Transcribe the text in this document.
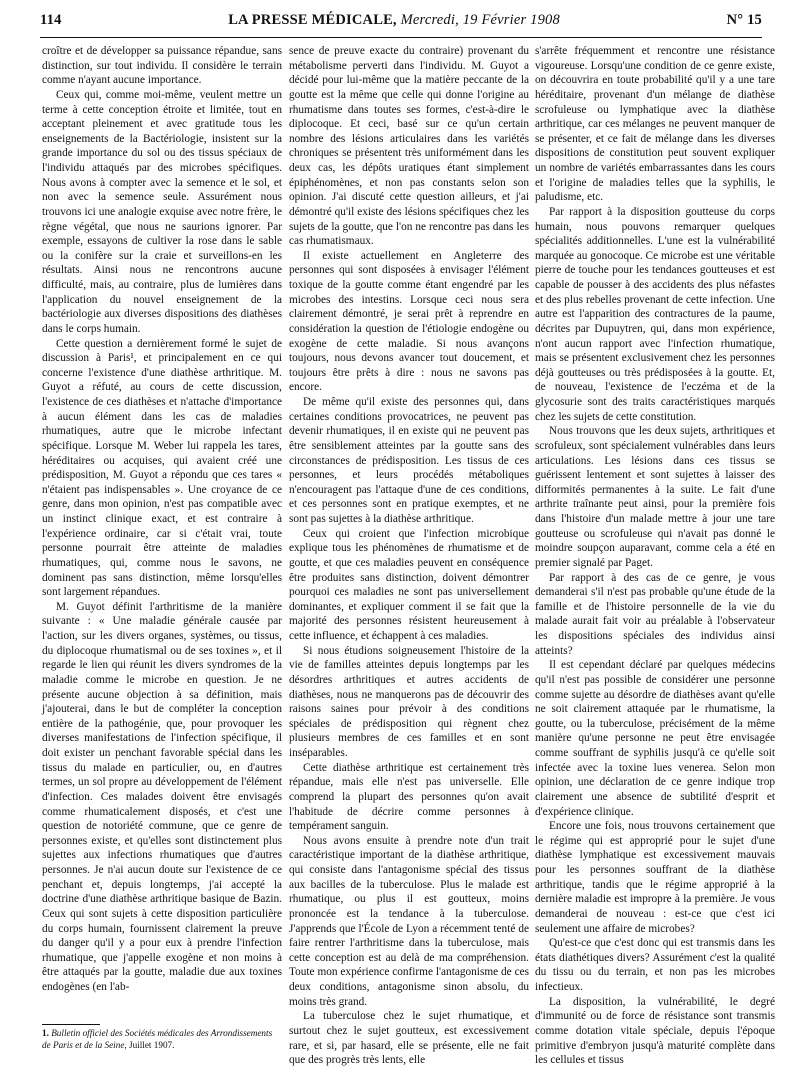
114	LA PRESSE MÉDICALE, Mercredi, 19 Février 1908	N° 15

croître et de développer sa puissance répandue, sans distinction, sur tout individu. Il considère le terrain comme n'ayant aucune importance.

Ceux qui, comme moi-même, veulent mettre un terme à cette conception étroite et limitée, tout en acceptant pleinement et avec gratitude tous les enseignements de la Bactériologie, insistent sur la grande importance du sol ou des tissus spéciaux de l'individu attaqués par des microbes spécifiques. Nous avons à compter avec la semence et le sol, et non avec la semence seule. Assurément nous trouvons ici une analogie exquise avec notre frère, le règne végétal, que nous ne saurions ignorer. Par exemple, essayons de cultiver la rose dans le sable ou la conifère sur la craie et surveillons-en les résultats. Ainsi nous ne rencontrons aucune difficulté, mais, au contraire, plus de lumières dans l'application du nouvel enseignement de la bactériologie aux diverses dispositions des diathèses dans le corps humain.

Cette question a dernièrement formé le sujet de discussion à Paris¹, et principalement en ce qui concerne l'existence d'une diathèse arthritique. M. Guyot a réfuté, au cours de cette discussion, l'existence de ces diathèses et n'attache d'importance à aucun élément dans les cas de maladies rhumatiques, autre que le microbe infectant spécifique. Lorsque M. Weber lui rappela les tares, héréditaires ou acquises, qui avaient créé une prédisposition, M. Guyot a répondu que ces tares « n'étaient pas indispensables ». Une croyance de ce genre, dans mon opinion, n'est pas compatible avec un instinct clinique exact, et est contraire à l'expérience ordinaire, car si c'était vrai, toute personne pourrait être atteinte de maladies rhumatiques, qui, comme nous le savons, ne dominent pas sans distinction, même lorsqu'elles sont largement répandues.

M. Guyot définit l'arthritisme de la manière suivante : « Une maladie générale causée par l'action, sur les divers organes, systèmes, ou tissus, du diplocoque rhumatismal ou de ses toxines », et il regarde le lien qui réunit les divers syndromes de la maladie comme le microbe en question. Je ne présente aucune objection à sa définition, mais j'ajouterai, dans le but de compléter la conception entière de la pathogénie, que, pour provoquer les diverses manifestations de l'infection spécifique, il doit exister un penchant favorable spécial dans les tissus du malade en particulier, ou, en d'autres termes, un sol propre au développement de l'élément d'infection. Ces malades doivent être envisagés comme rhumaticalement disposés, et c'est une question de notoriété commune, que ce genre de personnes existe, et qu'elles sont distinctement plus sujettes aux infections rhumatiques que d'autres personnes. Je n'ai aucun doute sur l'existence de ce penchant et, depuis longtemps, j'ai accepté la doctrine d'une diathèse arthritique basique de Bazin. Ceux qui sont sujets à cette disposition particulière du corps humain, fournissent clairement la preuve du danger qu'il y a pour eux à prendre l'infection rhumatique, que j'appelle exogène et non moins à être attaqués par la goutte, maladie due aux toxines endogènes (en l'ab-

sence de preuve exacte du contraire) provenant du métabolisme perverti dans l'individu. M. Guyot a décidé pour lui-même que la matière peccante de la goutte est la même que celle qui donne l'origine au rhumatisme dans toutes ses formes, c'est-à-dire le diplocoque. Et ceci, basé sur ce qu'un certain nombre des lésions articulaires dans les variétés chroniques se présentent très uniformément dans les deux cas, les dépôts uratiques étant simplement épiphénomènes, et non pas constants selon son opinion. J'ai discuté cette question ailleurs, et j'ai démontré qu'il existe des lésions spécifiques chez les sujets de la goutte, que l'on ne rencontre pas dans les cas rhumatismaux.

Il existe actuellement en Angleterre des personnes qui sont disposées à envisager l'élément toxique de la goutte comme étant engendré par les microbes des intestins. Lorsque ceci nous sera clairement démontré, je serai prêt à reprendre en considération la question de l'étiologie endogène ou exogène de cette maladie. Si nous avançons toujours, nous devons avancer tout doucement, et toujours être prêts à dire : nous ne savons pas encore.

De même qu'il existe des personnes qui, dans certaines conditions provocatrices, ne peuvent pas devenir rhumatiques, il en existe qui ne peuvent pas être sensiblement atteintes par la goutte sans des circonstances de prédisposition. Les tissus de ces personnes, et leurs procédés métaboliques n'encouragent pas l'attaque d'une de ces conditions, et ces personnes sont en pratique exemptes, et ne sont pas sujettes à la diathèse arthritique.

Ceux qui croient que l'infection microbique explique tous les phénomènes de rhumatisme et de goutte, et que ces maladies peuvent en conséquence être produites sans distinction, doivent démontrer pourquoi ces maladies ne sont pas universellement dominantes, et expliquer comment il se fait que la majorité des personnes résistent heureusement à cette influence, et échappent à ces maladies.

Si nous étudions soigneusement l'histoire de la vie de familles atteintes depuis longtemps par les désordres arthritiques et autres accidents de diathèses, nous ne manquerons pas de découvrir des raisons saines pour prévoir à des conditions spéciales de prédisposition qui règnent chez plusieurs membres de ces familles et en sont inséparables.

Cette diathèse arthritique est certainement très répandue, mais elle n'est pas universelle. Elle comprend la plupart des personnes qu'on avait l'habitude de décrire comme personnes à tempérament sanguin.

Nous avons ensuite à prendre note d'un trait caractéristique important de la diathèse arthritique, qui consiste dans l'antagonisme spécial des tissus aux bacilles de la tuberculose. Plus le malade est rhumatique, ou plus il est goutteux, moins prononcée est la tendance à la tuberculose. J'apprends que l'École de Lyon a récemment tenté de faire rentrer l'arthritisme dans la tuberculose, mais cette conception est au delà de ma compréhension. Toute mon expérience confirme l'antagonisme de ces deux conditions, antagonisme sinon absolu, du moins très grand.

La tuberculose chez le sujet rhumatique, et surtout chez le sujet goutteux, est excessivement rare, et si, par hasard, elle se présente, elle ne fait que des progrès très lents, elle

s'arrête fréquemment et rencontre une résistance vigoureuse. Lorsqu'une condition de ce genre existe, on découvrira en toute probabilité qu'il y a une tare héréditaire, provenant d'un mélange de diathèse scrofuleuse ou lymphatique avec la diathèse arthritique, car ces mélanges ne peuvent manquer de se présenter, et ce fait de mélange dans les diverses dispositions de constitution peut souvent expliquer un nombre de variétés embarrassantes dans les cours et l'origine de maladies telles que la syphilis, le paludisme, etc.

Par rapport à la disposition goutteuse du corps humain, nous pouvons remarquer quelques spécialités additionnelles. L'une est la vulnérabilité marquée au gonocoque. Ce microbe est une véritable pierre de touche pour les tendances goutteuses et est capable de pousser à des accidents des plus néfastes et des plus rebelles provenant de cette infection. Une autre est l'apparition des contractures de la paume, décrites par Dupuytren, qui, dans mon expérience, n'ont aucun rapport avec l'infection rhumatique, mais se présentent exclusivement chez les personnes déjà goutteuses ou très prédisposées à la goutte. Et, de nouveau, l'existence de l'eczéma et de la glycosurie sont des traits caractéristiques marqués chez les sujets de cette constitution.

Nous trouvons que les deux sujets, arthritiques et scrofuleux, sont spécialement vulnérables dans leurs articulations. Les lésions dans ces tissus se guérissent lentement et sont sujettes à laisser des difformités permanentes à la suite. Le fait d'une arthrite traînante peut ainsi, pour la première fois dans l'histoire d'un malade mettre à jour une tare goutteuse ou scrofuleuse qui n'avait pas donné le moindre soupçon auparavant, comme cela a été en premier signalé par Paget.

Par rapport à des cas de ce genre, je vous demanderai s'il n'est pas probable qu'une étude de la famille et de l'histoire personnelle de la vie du malade aurait fait voir au préalable à l'observateur les dispositions spéciales des individus ainsi atteints?

Il est cependant déclaré par quelques médecins qu'il n'est pas possible de considérer une personne comme sujette au désordre de diathèses avant qu'elle ne soit clairement attaquée par le rhumatisme, la goutte, ou la tuberculose, précisément de la même manière qu'une personne ne peut être envisagée comme souffrant de syphilis jusqu'à ce qu'elle soit infectée avec la toxine lues venerea. Selon mon opinion, une déclaration de ce genre indique trop clairement une absence de subtilité d'esprit et d'expérience clinique.

Encore une fois, nous trouvons certainement que le régime qui est approprié pour le sujet d'une diathèse lymphatique est excessivement mauvais pour les personnes souffrant de la diathèse arthritique, tandis que le régime approprié à la dernière maladie est impropre à la première. Je vous demanderai de nouveau : est-ce que c'est ici seulement une affaire de microbes?

Qu'est-ce que c'est donc qui est transmis dans les états diathétiques divers? Assurément c'est la qualité du tissu ou du terrain, et non pas les microbes infectieux.

La disposition, la vulnérabilité, le degré d'immunité ou de force de résistance sont transmis comme dotation vitale spéciale, depuis l'époque primitive d'embryon jusqu'à maturité complète dans les cellules et tissus

1. Bulletin officiel des Sociétés médicales des Arrondissements de Paris et de la Seine, Juillet 1907.
